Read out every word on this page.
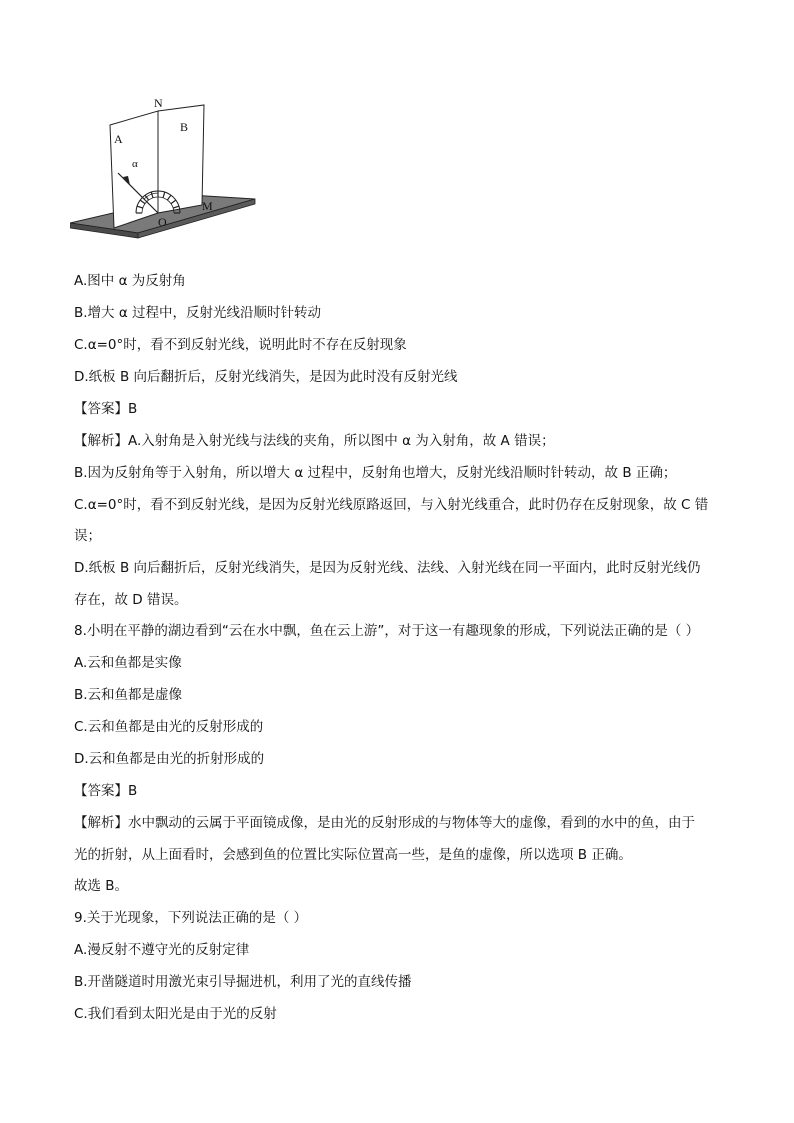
N
A
B
α
O
M
A.图中 α 为反射角
B.增大 α 过程中，反射光线沿顺时针转动
C.α=0°时，看不到反射光线，说明此时不存在反射现象
D.纸板 B 向后翻折后，反射光线消失，是因为此时没有反射光线
【答案】B
【解析】A.入射角是入射光线与法线的夹角，所以图中 α 为入射角，故 A 错误；
B.因为反射角等于入射角，所以增大 α 过程中，反射角也增大，反射光线沿顺时针转动，故 B 正确；
C.α=0°时，看不到反射光线，是因为反射光线原路返回，与入射光线重合，此时仍存在反射现象，故 C 错
误；
D.纸板 B 向后翻折后，反射光线消失，是因为反射光线、法线、入射光线在同一平面内，此时反射光线仍
存在，故 D 错误。
8.小明在平静的湖边看到“云在水中飘，鱼在云上游”，对于这一有趣现象的形成，下列说法正确的是（ ）
A.云和鱼都是实像
B.云和鱼都是虚像
C.云和鱼都是由光的反射形成的
D.云和鱼都是由光的折射形成的
【答案】B
【解析】水中飘动的云属于平面镜成像，是由光的反射形成的与物体等大的虚像，看到的水中的鱼，由于
光的折射，从上面看时，会感到鱼的位置比实际位置高一些，是鱼的虚像，所以选项 B 正确。
故选 B。
9.关于光现象，下列说法正确的是（ ）
A.漫反射不遵守光的反射定律
B.开凿隧道时用激光束引导掘进机，利用了光的直线传播
C.我们看到太阳光是由于光的反射
